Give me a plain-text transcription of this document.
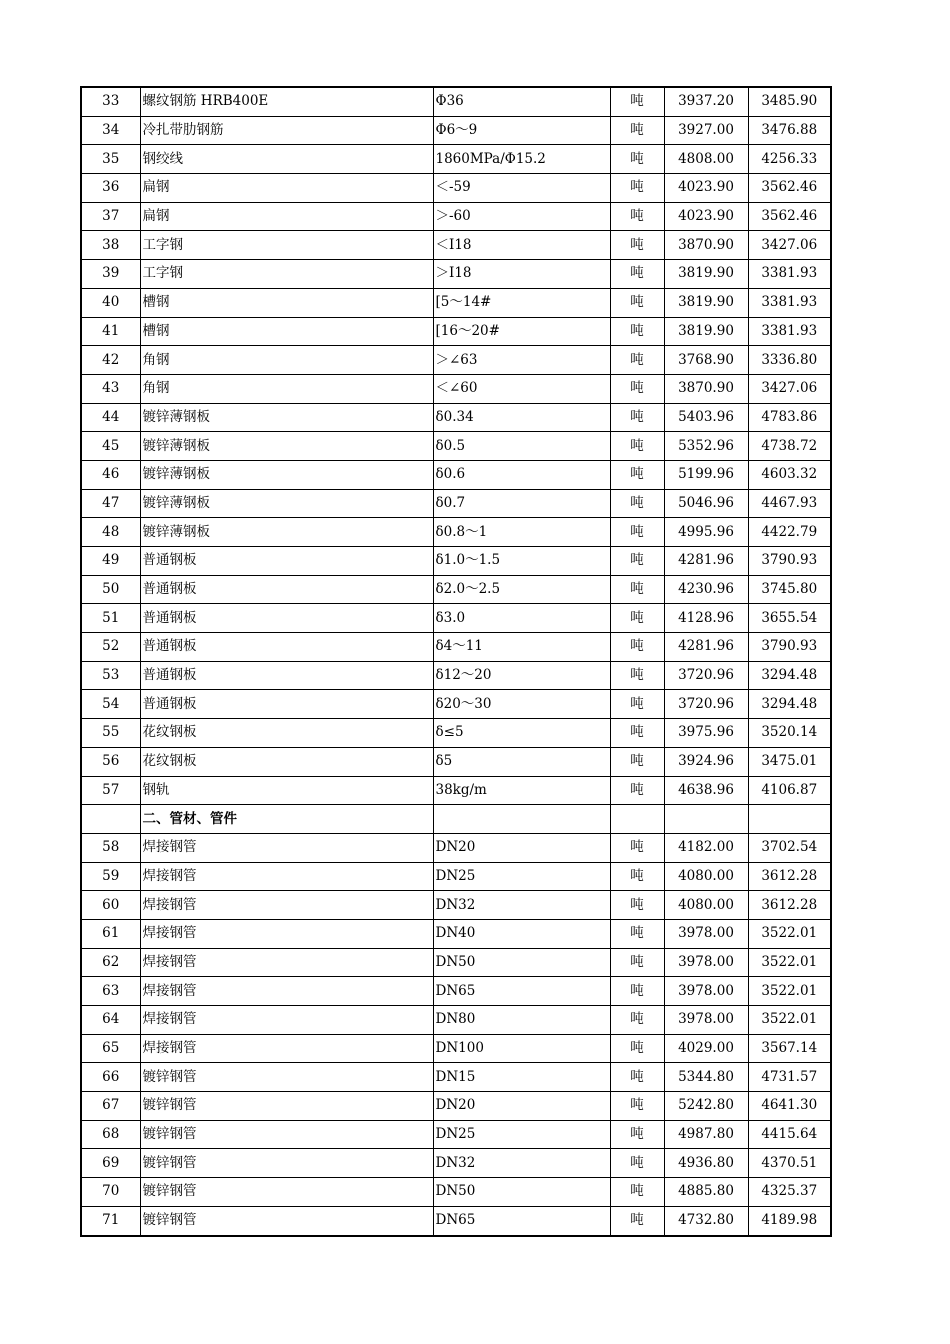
33	螺纹钢筋 HRB400E	Φ36	吨	3937.20	3485.90
34	冷扎带肋钢筋	Φ6～9	吨	3927.00	3476.88
35	钢绞线	1860MPa/Φ15.2	吨	4808.00	4256.33
36	扁钢	＜-59	吨	4023.90	3562.46
37	扁钢	＞-60	吨	4023.90	3562.46
38	工字钢	＜Ⅰ18	吨	3870.90	3427.06
39	工字钢	＞Ⅰ18	吨	3819.90	3381.93
40	槽钢	[5～14#	吨	3819.90	3381.93
41	槽钢	[16～20#	吨	3819.90	3381.93
42	角钢	＞∠63	吨	3768.90	3336.80
43	角钢	＜∠60	吨	3870.90	3427.06
44	镀锌薄钢板	δ0.34	吨	5403.96	4783.86
45	镀锌薄钢板	δ0.5	吨	5352.96	4738.72
46	镀锌薄钢板	δ0.6	吨	5199.96	4603.32
47	镀锌薄钢板	δ0.7	吨	5046.96	4467.93
48	镀锌薄钢板	δ0.8～1	吨	4995.96	4422.79
49	普通钢板	δ1.0～1.5	吨	4281.96	3790.93
50	普通钢板	δ2.0～2.5	吨	4230.96	3745.80
51	普通钢板	δ3.0	吨	4128.96	3655.54
52	普通钢板	δ4～11	吨	4281.96	3790.93
53	普通钢板	δ12～20	吨	3720.96	3294.48
54	普通钢板	δ20～30	吨	3720.96	3294.48
55	花纹钢板	δ≤5	吨	3975.96	3520.14
56	花纹钢板	δ5	吨	3924.96	3475.01
57	钢轨	38kg/m	吨	4638.96	4106.87
	二、管材、管件				
58	焊接钢管	DN20	吨	4182.00	3702.54
59	焊接钢管	DN25	吨	4080.00	3612.28
60	焊接钢管	DN32	吨	4080.00	3612.28
61	焊接钢管	DN40	吨	3978.00	3522.01
62	焊接钢管	DN50	吨	3978.00	3522.01
63	焊接钢管	DN65	吨	3978.00	3522.01
64	焊接钢管	DN80	吨	3978.00	3522.01
65	焊接钢管	DN100	吨	4029.00	3567.14
66	镀锌钢管	DN15	吨	5344.80	4731.57
67	镀锌钢管	DN20	吨	5242.80	4641.30
68	镀锌钢管	DN25	吨	4987.80	4415.64
69	镀锌钢管	DN32	吨	4936.80	4370.51
70	镀锌钢管	DN50	吨	4885.80	4325.37
71	镀锌钢管	DN65	吨	4732.80	4189.98
